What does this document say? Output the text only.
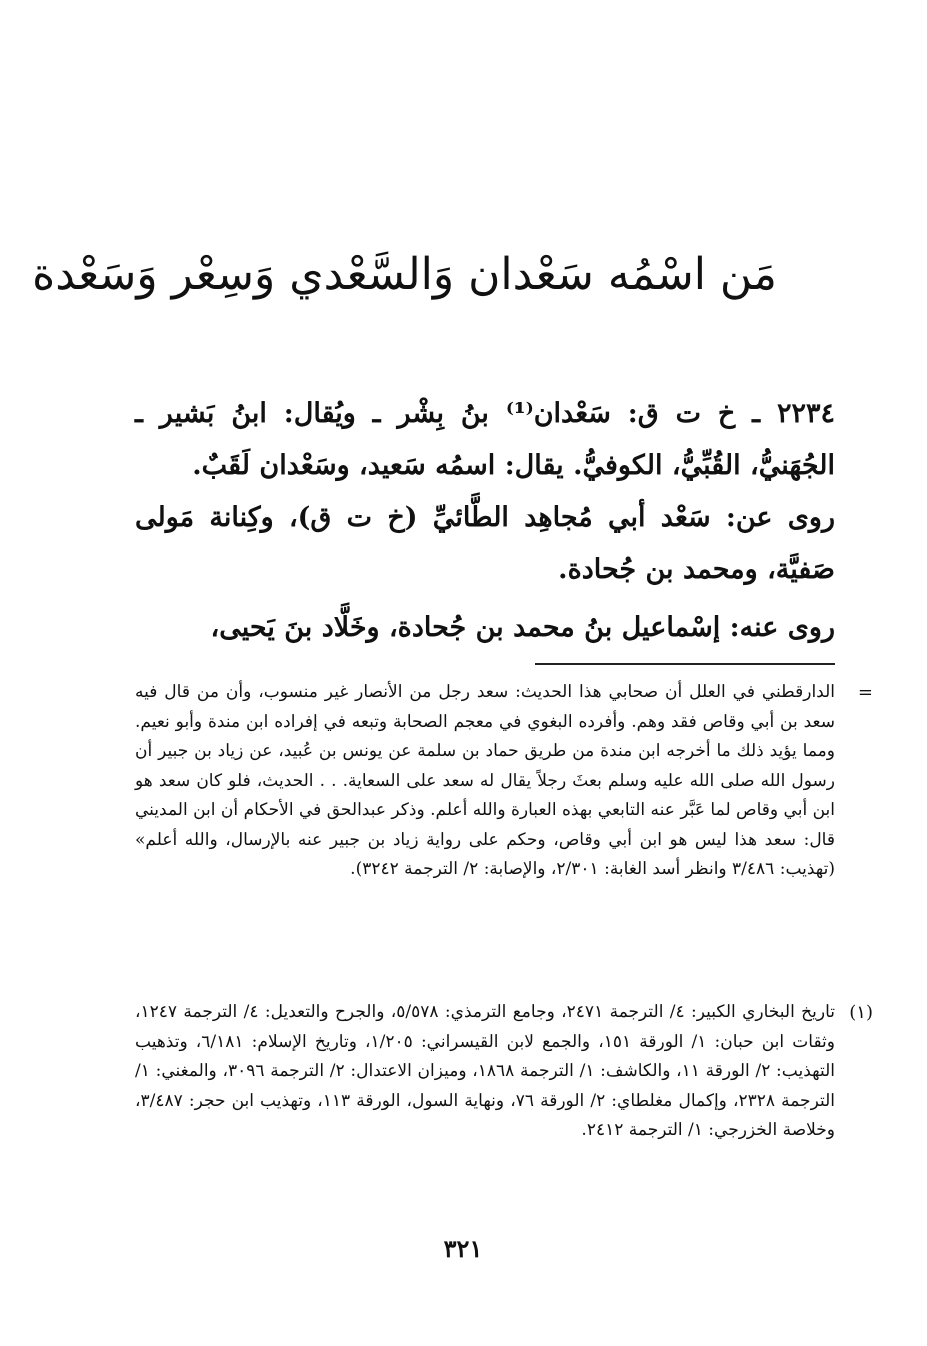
مَن اسْمُه سَعْدان وَالسَّعْدي وَسِعْر وَسَعْدة
٢٢٣٤ ـ خ ت ق: سَعْدان⁽¹⁾ بنُ بِشْر ـ ويُقال: ابنُ بَشير ـ الجُهَنيُّ، القُبِّيُّ، الكوفيُّ. يقال: اسمُه سَعيد، وسَعْدان لَقَبٌ.
روى عن: سَعْد أبي مُجاهِد الطَّائيِّ (خ ت ق)، وكِنانة مَولى صَفيَّة، ومحمد بن جُحادة.
روى عنه: إسْماعيل بنُ محمد بن جُحادة، وخَلَّاد بنَ يَحيى،
=
الدارقطني في العلل أن صحابي هذا الحديث: سعد رجل من الأنصار غير منسوب، وأن من قال فيه سعد بن أبي وقاص فقد وهم. وأفرده البغوي في معجم الصحابة وتبعه في إفراده ابن مندة وأبو نعيم. ومما يؤيد ذلك ما أخرجه ابن مندة من طريق حماد بن سلمة عن يونس بن عُبيد، عن زياد بن جبير أن رسول الله صلى الله عليه وسلم بعثَ رجلاً يقال له سعد على السعاية. . . الحديث، فلو كان سعد هو ابن أبي وقاص لما عَبَّر عنه التابعي بهذه العبارة والله أعلم. وذكر عبدالحق في الأحكام أن ابن المديني قال: سعد هذا ليس هو ابن أبي وقاص، وحكم على رواية زياد بن جبير عنه بالإرسال، والله أعلم» (تهذيب: ٣/٤٨٦ وانظر أسد الغابة: ٢/٣٠١، والإصابة: ٢/ الترجمة ٣٢٤٢).
(١)
تاريخ البخاري الكبير: ٤/ الترجمة ٢٤٧١، وجامع الترمذي: ٥/٥٧٨، والجرح والتعديل: ٤/ الترجمة ١٢٤٧، وثقات ابن حبان: ١/ الورقة ١٥١، والجمع لابن القيسراني: ١/٢٠٥، وتاريخ الإسلام: ٦/١٨١، وتذهيب التهذيب: ٢/ الورقة ١١، والكاشف: ١/ الترجمة ١٨٦٨، وميزان الاعتدال: ٢/ الترجمة ٣٠٩٦، والمغني: ١/ الترجمة ٢٣٢٨، وإكمال مغلطاي: ٢/ الورقة ٧٦، ونهاية السول، الورقة ١١٣، وتهذيب ابن حجر: ٣/٤٨٧، وخلاصة الخزرجي: ١/ الترجمة ٢٤١٢.
٣٢١
